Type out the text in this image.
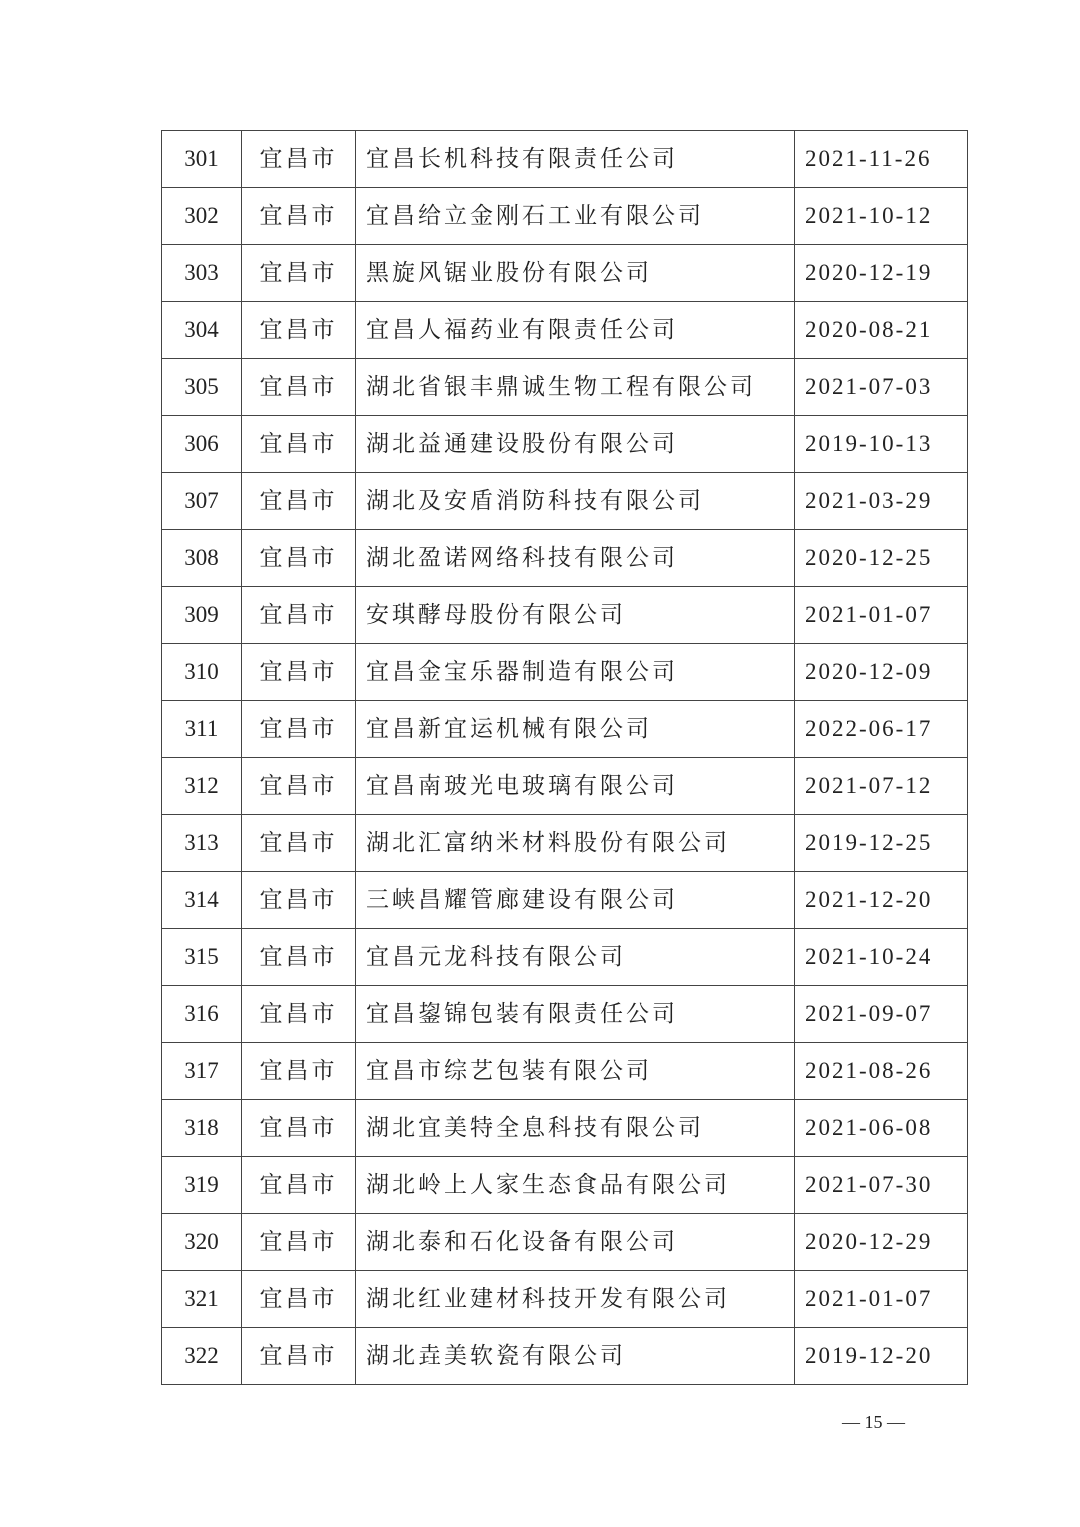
301	宜昌市	宜昌长机科技有限责任公司	2021-11-26
302	宜昌市	宜昌给立金刚石工业有限公司	2021-10-12
303	宜昌市	黑旋风锯业股份有限公司	2020-12-19
304	宜昌市	宜昌人福药业有限责任公司	2020-08-21
305	宜昌市	湖北省银丰鼎诚生物工程有限公司	2021-07-03
306	宜昌市	湖北益通建设股份有限公司	2019-10-13
307	宜昌市	湖北及安盾消防科技有限公司	2021-03-29
308	宜昌市	湖北盈诺网络科技有限公司	2020-12-25
309	宜昌市	安琪酵母股份有限公司	2021-01-07
310	宜昌市	宜昌金宝乐器制造有限公司	2020-12-09
311	宜昌市	宜昌新宜运机械有限公司	2022-06-17
312	宜昌市	宜昌南玻光电玻璃有限公司	2021-07-12
313	宜昌市	湖北汇富纳米材料股份有限公司	2019-12-25
314	宜昌市	三峡昌耀管廊建设有限公司	2021-12-20
315	宜昌市	宜昌元龙科技有限公司	2021-10-24
316	宜昌市	宜昌鋆锦包装有限责任公司	2021-09-07
317	宜昌市	宜昌市综艺包装有限公司	2021-08-26
318	宜昌市	湖北宜美特全息科技有限公司	2021-06-08
319	宜昌市	湖北岭上人家生态食品有限公司	2021-07-30
320	宜昌市	湖北泰和石化设备有限公司	2020-12-29
321	宜昌市	湖北红业建材科技开发有限公司	2021-01-07
322	宜昌市	湖北垚美软瓷有限公司	2019-12-20
— 15 —
